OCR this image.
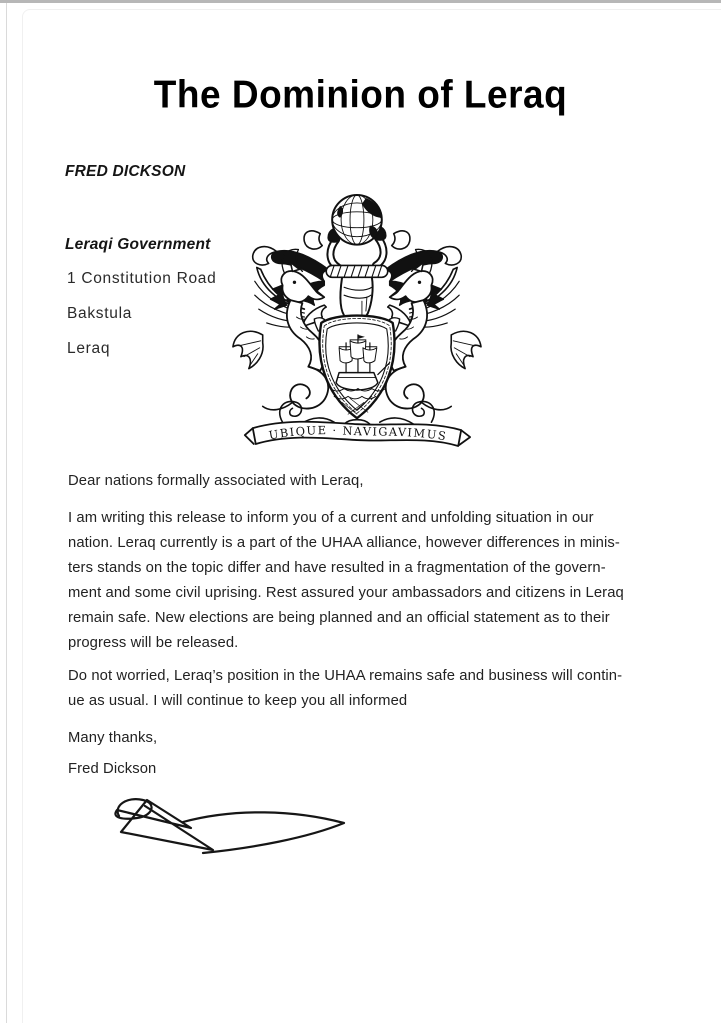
The Dominion of Leraq
FRED DICKSON
Leraqi Government
1 Constitution Road
Bakstula
Leraq
UBIQUE · NAVIGAVIMUS
Dear nations formally associated with Leraq,
I am writing this release to inform you of a current and unfolding situation in our
nation. Leraq currently is a part of the UHAA alliance, however differences in minis-
ters stands on the topic differ and have resulted in a fragmentation of the govern-
ment and some civil uprising. Rest assured your ambassadors and citizens in Leraq
remain safe. New elections are being planned and an official statement as to their
progress will be released.
Do not worried, Leraq’s position in the UHAA remains safe and business will contin-
ue as usual. I will continue to keep you all informed
Many thanks,
Fred Dickson
